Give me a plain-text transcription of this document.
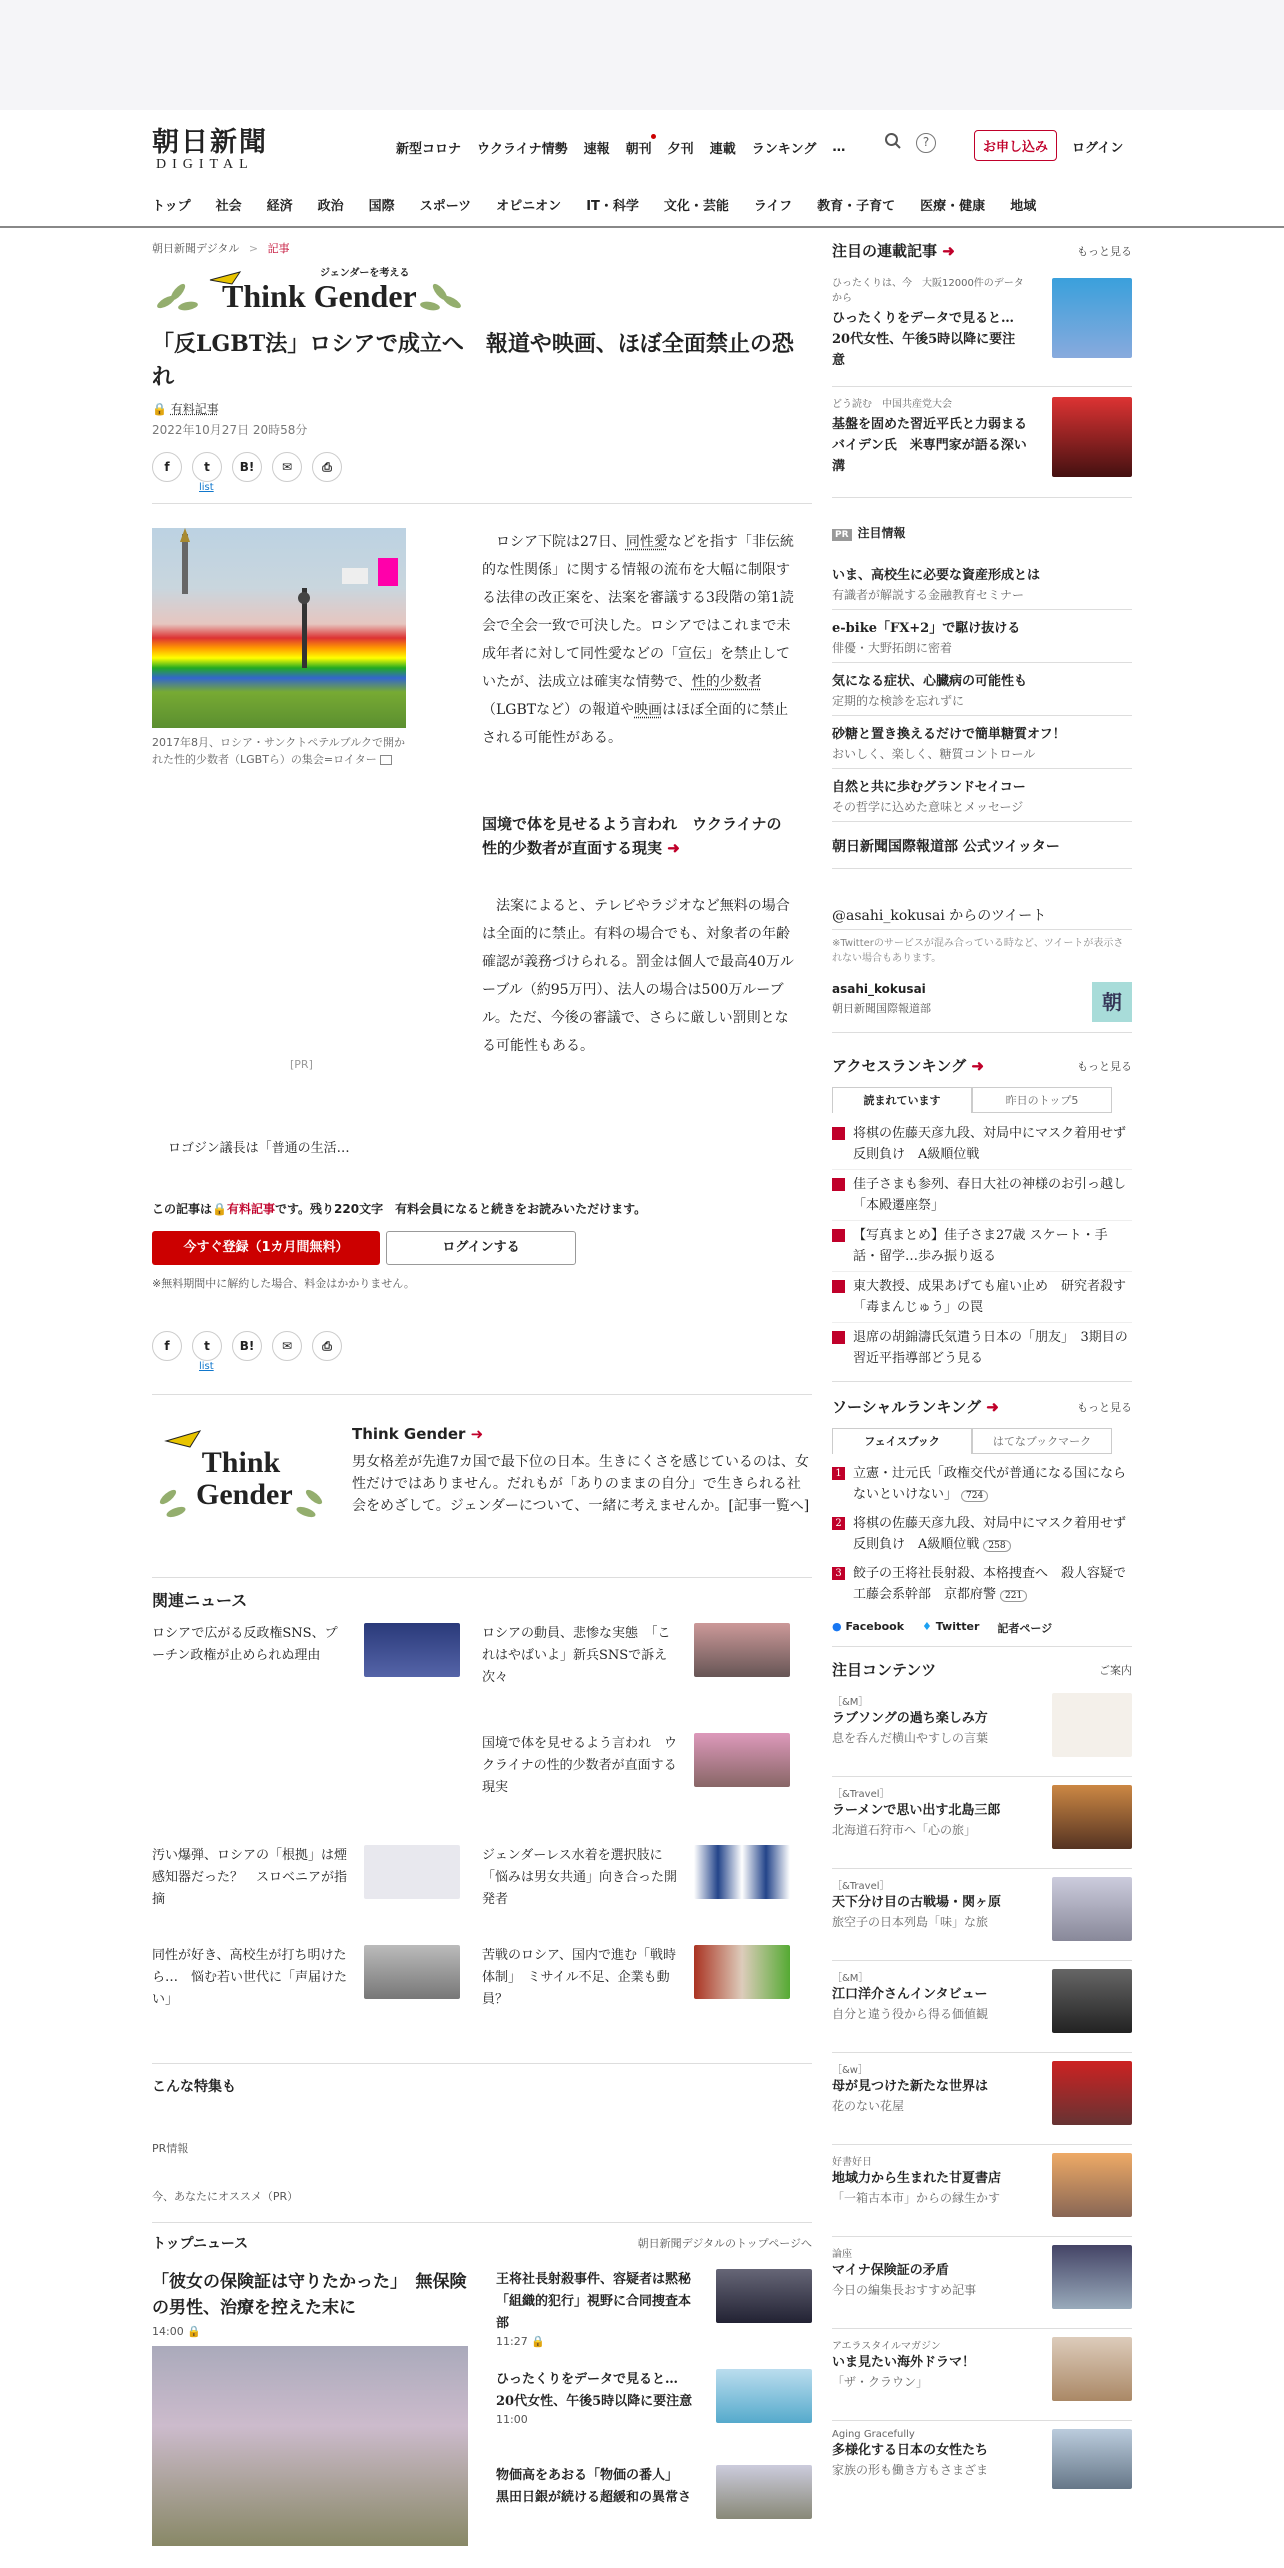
朝日新聞
DIGITAL
新型コロナ ウクライナ情勢 速報 朝刊 夕刊 連載 ランキング …	?	お申し込み	ログイン
トップ 社会 経済 政治 国際 スポーツ オピニオン IT・科学 文化・芸能 ライフ 教育・子育て 医療・健康 地域
朝日新聞デジタル > 記事
ジェンダーを考える
Think Gender
「反LGBT法」ロシアで成立へ　報道や映画、ほぼ全面禁止の恐れ
🔒 有料記事
2022年10月27日 20時58分
f	t	B!	✉	⎙
list
2017年8月、ロシア・サンクトペテルブルクで開かれた性的少数者（LGBTら）の集会=ロイター
[PR]
ロシア下院は27日、同性愛などを指す「非伝統的な性関係」に関する情報の流布を大幅に制限する法律の改正案を、法案を審議する3段階の第1読会で全会一致で可決した。ロシアではこれまで未成年者に対して同性愛などの「宣伝」を禁止していたが、法成立は確実な情勢で、性的少数者（LGBTなど）の報道や映画はほぼ全面的に禁止される可能性がある。
国境で体を見せるよう言われ　ウクライナの性的少数者が直面する現実 ➜
法案によると、テレビやラジオなど無料の場合は全面的に禁止。有料の場合でも、対象者の年齢確認が義務づけられる。罰金は個人で最高40万ルーブル（約95万円）、法人の場合は500万ルーブル。ただ、今後の審議で、さらに厳しい罰則となる可能性もある。
ロゴジン議長は「普通の生活…
この記事は🔒有料記事です。残り220文字　有料会員になると続きをお読みいただけます。
今すぐ登録（1カ月間無料）	ログインする
※無料期間中に解約した場合、料金はかかりません。
f	t	B!	✉	⎙
list
Think Gender
Think Gender ➜
男女格差が先進7カ国で最下位の日本。生きにくさを感じているのは、女性だけではありません。だれもが「ありのままの自分」で生きられる社会をめざして。ジェンダーについて、一緒に考えませんか。[記事一覧へ]
関連ニュース
ロシアで広がる反政権SNS、プーチン政権が止められぬ理由
ロシアの動員、悲惨な実態　「これはやばいよ」新兵SNSで訴え次々
国境で体を見せるよう言われ　ウクライナの性的少数者が直面する現実
汚い爆弾、ロシアの「根拠」は煙感知器だった？　スロベニアが指摘
ジェンダーレス水着を選択肢に　「悩みは男女共通」向き合った開発者
同性が好き、高校生が打ち明けたら…　悩む若い世代に「声届けたい」
苦戦のロシア、国内で進む「戦時体制」　ミサイル不足、企業も動員？
こんな特集も
PR情報
今、あなたにオススメ（PR）
トップニュース	朝日新聞デジタルのトップページへ
「彼女の保険証は守りたかった」　無保険の男性、治療を控えた末に
14:00 🔒
王将社長射殺事件、容疑者は黙秘　「組織的犯行」視野に合同捜査本部
11:27 🔒
ひったくりをデータで見ると…　20代女性、午後5時以降に要注意
11:00
物価高をあおる「物価の番人」　黒田日銀が続ける超緩和の異常さ
注目の連載記事 ➜	もっと見る
ひったくりは、今　大阪12000件のデータから
ひったくりをデータで見ると…20代女性、午後5時以降に要注意
どう読む　中国共産党大会
基盤を固めた習近平氏と力弱まるバイデン氏　米専門家が語る深い溝
PR 注目情報
いま、高校生に必要な資産形成とは
有識者が解説する金融教育セミナー
e-bike「FX+2」で駆け抜ける
俳優・大野拓朗に密着
気になる症状、心臓病の可能性も
定期的な検診を忘れずに
砂糖と置き換えるだけで簡単糖質オフ！
おいしく、楽しく、糖質コントロール
自然と共に歩むグランドセイコー
その哲学に込めた意味とメッセージ
朝日新聞国際報道部 公式ツイッター
@asahi_kokusai からのツイート
※Twitterのサービスが混み合っている時など、ツイートが表示されない場合もあります。
asahi_kokusai
朝日新聞国際報道部	朝
アクセスランキング ➜	もっと見る
読まれています	昨日のトップ5
将棋の佐藤天彦九段、対局中にマスク着用せず反則負け　A級順位戦
佳子さまも参列、春日大社の神様のお引っ越し「本殿遷座祭」
【写真まとめ】佳子さま27歳 スケート・手話・留学…歩み振り返る
東大教授、成果あげても雇い止め　研究者殺す「毒まんじゅう」の罠
退席の胡錦濤氏気遣う日本の「朋友」　3期目の習近平指導部どう見る
ソーシャルランキング ➜	もっと見る
フェイスブック	はてなブックマーク
1 立憲・辻元氏「政権交代が普通になる国にならないといけない」 724
2 将棋の佐藤天彦九段、対局中にマスク着用せず反則負け　A級順位戦 258
3 餃子の王将社長射殺、本格捜査へ　殺人容疑で工藤会系幹部　京都府警 221
● Facebook ♦ Twitter 記者ページ
注目コンテンツ	ご案内
［&M］
ラブソングの過ち楽しみ方
息を呑んだ横山やすしの言葉
［&Travel］
ラーメンで思い出す北島三郎
北海道石狩市へ「心の旅」
［&Travel］
天下分け目の古戦場・関ヶ原
旅空子の日本列島「味」な旅
［&M］
江口洋介さんインタビュー
自分と違う役から得る価値観
［&w］
母が見つけた新たな世界は
花のない花屋
好書好日
地域力から生まれた甘夏書店
「一箱古本市」からの縁生かす
論座
マイナ保険証の矛盾
今日の編集長おすすめ記事
アエラスタイルマガジン
いま見たい海外ドラマ！
「ザ・クラウン」
Aging Gracefully
多様化する日本の女性たち
家族の形も働き方もさまざま
